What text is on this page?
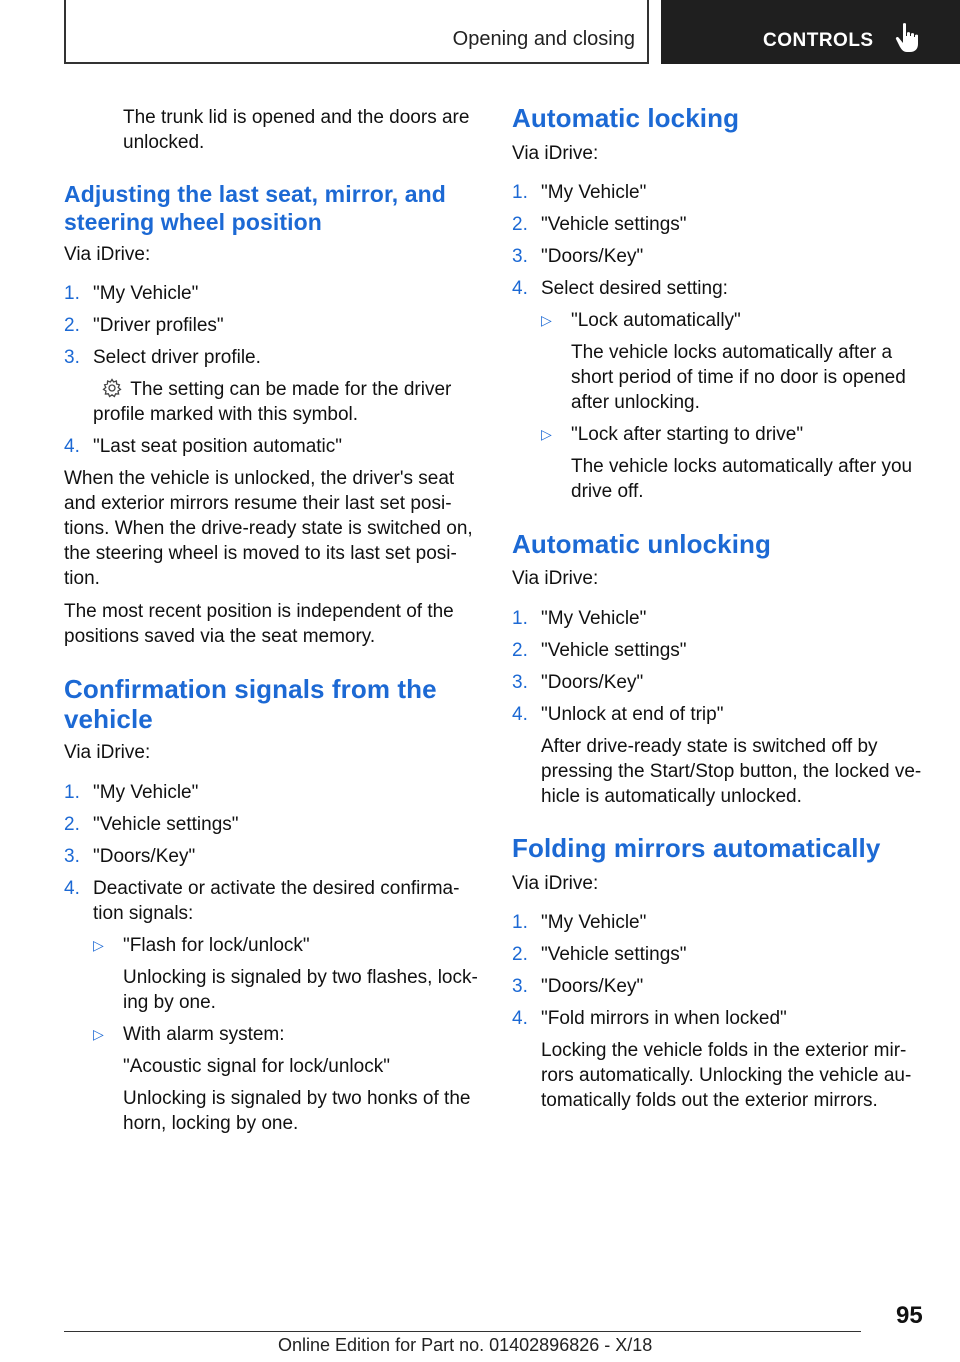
Opening and closing	CONTROLS
The trunk lid is opened and the doors are
unlocked.
Adjusting the last seat, mirror, and
steering wheel position
Via iDrive:
1. "My Vehicle"
2. "Driver profiles"
3. Select driver profile.
The setting can be made for the driver
profile marked with this symbol.
4. "Last seat position automatic"
When the vehicle is unlocked, the driver's seat
and exterior mirrors resume their last set posi-
tions. When the drive-ready state is switched on,
the steering wheel is moved to its last set posi-
tion.
The most recent position is independent of the
positions saved via the seat memory.
Confirmation signals from the
vehicle
Via iDrive:
1. "My Vehicle"
2. "Vehicle settings"
3. "Doors/Key"
4. Deactivate or activate the desired confirma-
tion signals:
▷ "Flash for lock/unlock"
Unlocking is signaled by two flashes, lock-
ing by one.
▷ With alarm system:
"Acoustic signal for lock/unlock"
Unlocking is signaled by two honks of the
horn, locking by one.
Automatic locking
Via iDrive:
1. "My Vehicle"
2. "Vehicle settings"
3. "Doors/Key"
4. Select desired setting:
▷ "Lock automatically"
The vehicle locks automatically after a
short period of time if no door is opened
after unlocking.
▷ "Lock after starting to drive"
The vehicle locks automatically after you
drive off.
Automatic unlocking
Via iDrive:
1. "My Vehicle"
2. "Vehicle settings"
3. "Doors/Key"
4. "Unlock at end of trip"
After drive-ready state is switched off by
pressing the Start/Stop button, the locked ve-
hicle is automatically unlocked.
Folding mirrors automatically
Via iDrive:
1. "My Vehicle"
2. "Vehicle settings"
3. "Doors/Key"
4. "Fold mirrors in when locked"
Locking the vehicle folds in the exterior mir-
rors automatically. Unlocking the vehicle au-
tomatically folds out the exterior mirrors.
95
Online Edition for Part no. 01402896826 - X/18
